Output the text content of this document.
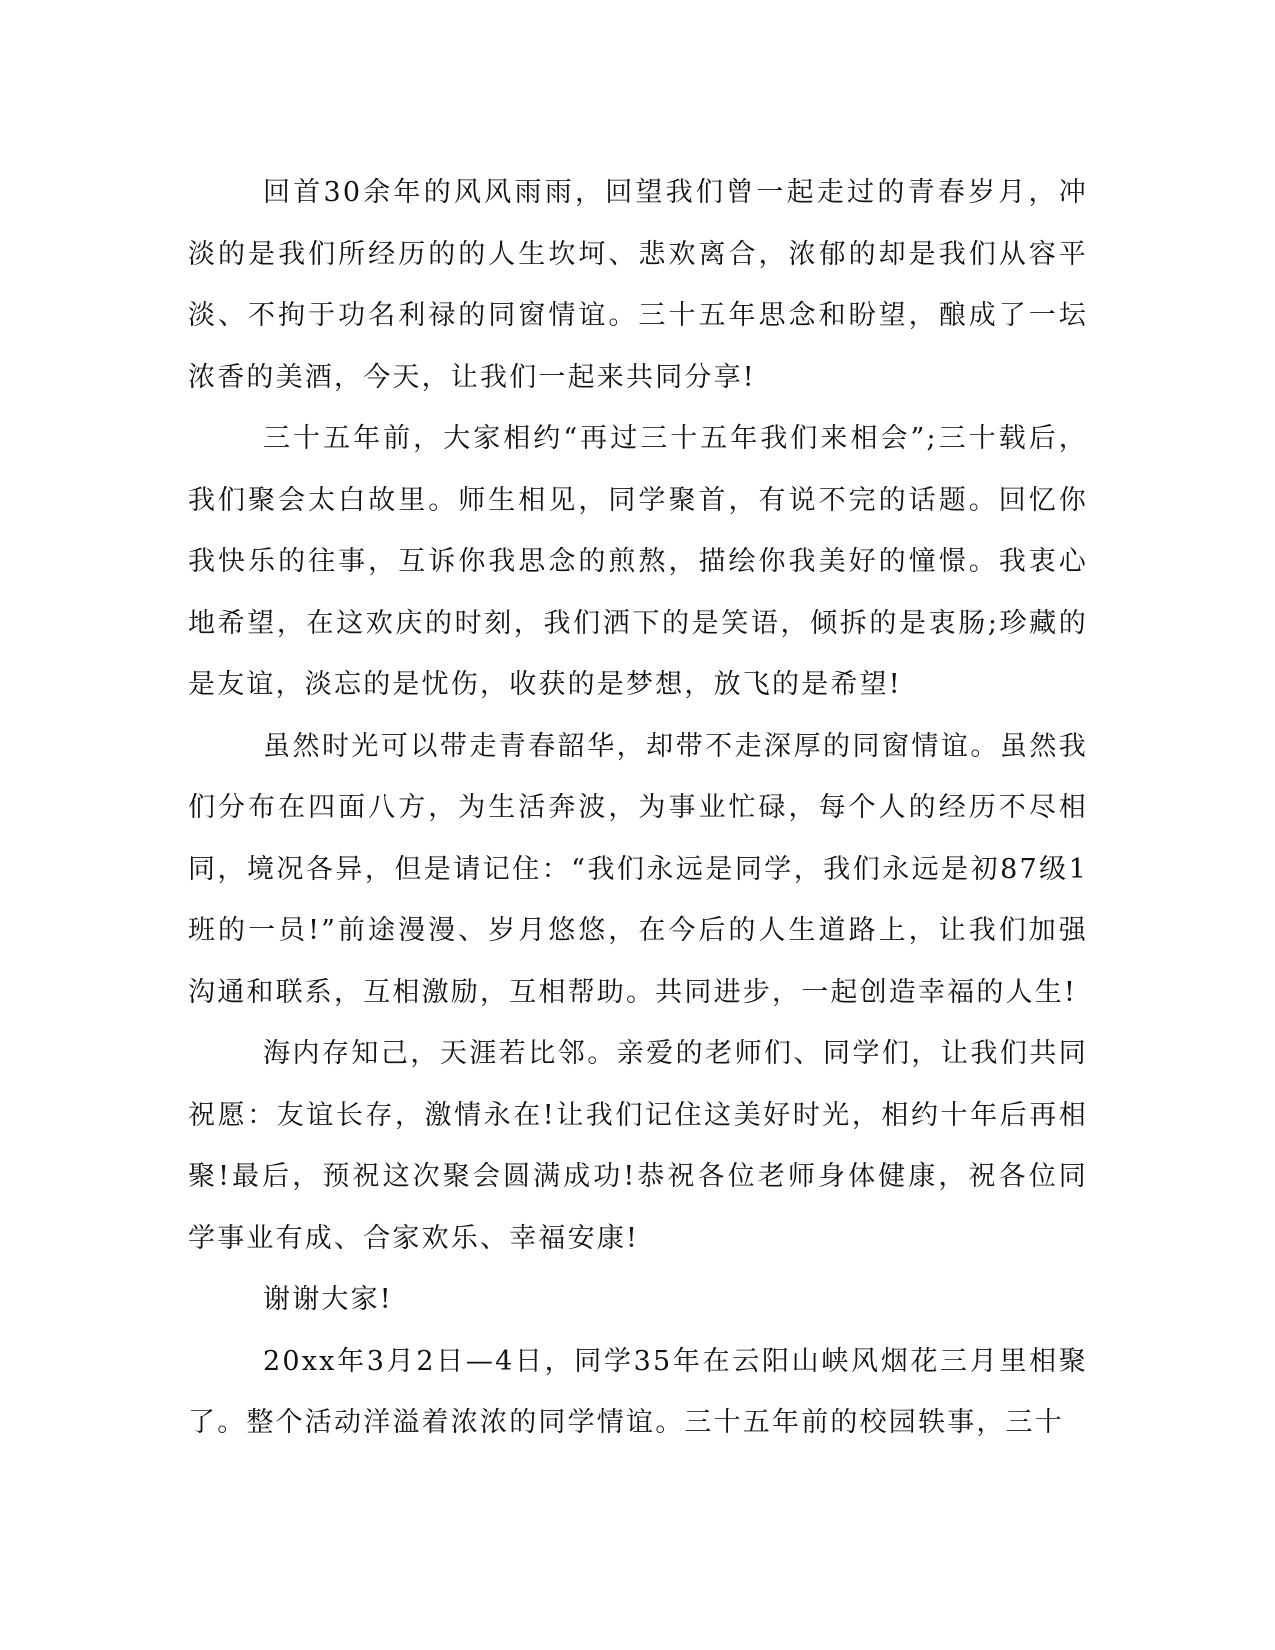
回首30余年的风风雨雨，回望我们曾一起走过的青春岁月，冲淡的是我们所经历的的人生坎坷、悲欢离合，浓郁的却是我们从容平淡、不拘于功名利禄的同窗情谊。三十五年思念和盼望，酿成了一坛浓香的美酒，今天，让我们一起来共同分享!

三十五年前，大家相约“再过三十五年我们来相会”;三十载后，我们聚会太白故里。师生相见，同学聚首，有说不完的话题。回忆你我快乐的往事，互诉你我思念的煎熬，描绘你我美好的憧憬。我衷心地希望，在这欢庆的时刻，我们洒下的是笑语，倾拆的是衷肠;珍藏的是友谊，淡忘的是忧伤，收获的是梦想，放飞的是希望!

虽然时光可以带走青春韶华，却带不走深厚的同窗情谊。虽然我们分布在四面八方，为生活奔波，为事业忙碌，每个人的经历不尽相同，境况各异，但是请记住：“我们永远是同学，我们永远是初87级1班的一员!”前途漫漫、岁月悠悠，在今后的人生道路上，让我们加强沟通和联系，互相激励，互相帮助。共同进步，一起创造幸福的人生!

海内存知己，天涯若比邻。亲爱的老师们、同学们，让我们共同祝愿：友谊长存，激情永在!让我们记住这美好时光，相约十年后再相聚!最后，预祝这次聚会圆满成功!恭祝各位老师身体健康，祝各位同学事业有成、合家欢乐、幸福安康!

谢谢大家!

20xx年3月2日—4日，同学35年在云阳山峡风烟花三月里相聚了。整个活动洋溢着浓浓的同学情谊。三十五年前的校园轶事，三十
